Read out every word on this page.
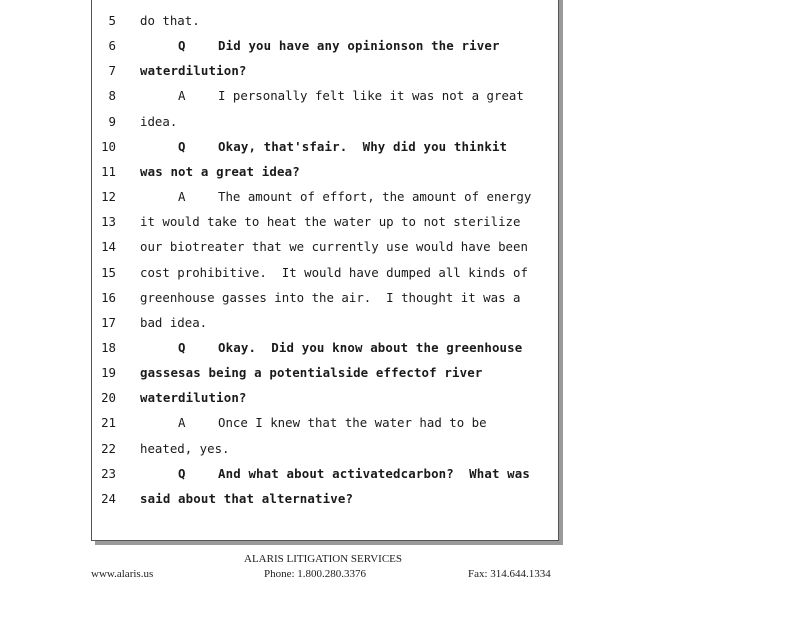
5 do that.
6	Q	Did you have any opinionson the river
7 waterdilution?
8	A	I personally felt like it was not a great
9 idea.
10	Q	Okay, that'sfair.  Why did you thinkit
11 was not a great idea?
12	A	The amount of effort, the amount of energy
13 it would take to heat the water up to not sterilize
14 our biotreater that we currently use would have been
15 cost prohibitive.  It would have dumped all kinds of
16 greenhouse gasses into the air.  I thought it was a
17 bad idea.
18	Q	Okay.  Did you know about the greenhouse
19 gassesas being a potentialside effectof river
20 waterdilution?
21	A	Once I knew that the water had to be
22 heated, yes.
23	Q	And what about activatedcarbon?  What was
24 said about that alternative?
ALARIS LITIGATION SERVICES
www.alaris.us	Phone: 1.800.280.3376	Fax: 314.644.1334
